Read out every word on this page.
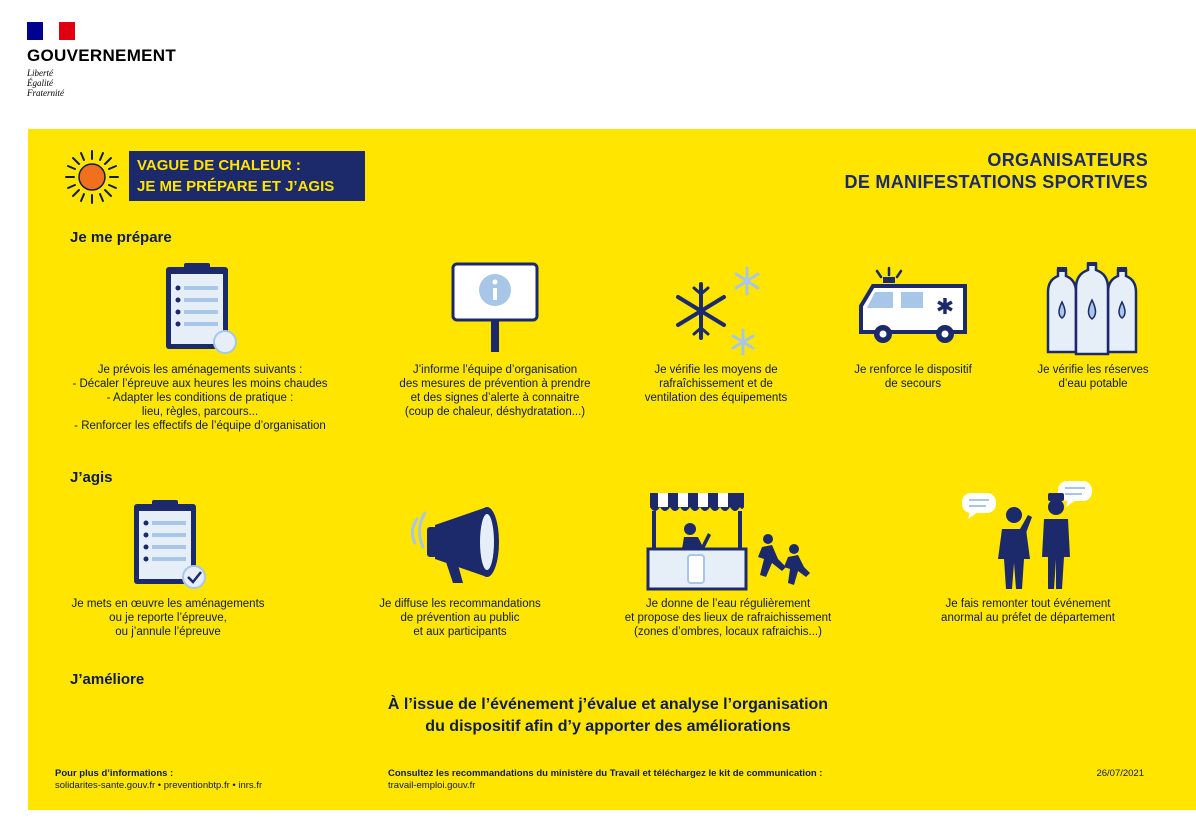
GOUVERNEMENT
Liberté
Égalité
Fraternité
VAGUE DE CHALEUR :
JE ME PRÉPARE ET J’AGIS
ORGANISATEURS
DE MANIFESTATIONS SPORTIVES
Je me prépare
Je prévois les aménagements suivants :
- Décaler l’épreuve aux heures les moins chaudes
- Adapter les conditions de pratique :
lieu, règles, parcours...
- Renforcer les effectifs de l’équipe d’organisation
J’informe l’équipe d’organisation
des mesures de prévention à prendre
et des signes d’alerte à connaitre
(coup de chaleur, déshydratation...)
Je vérifie les moyens de
rafraîchissement et de
ventilation des équipements
✱
Je renforce le dispositif
de secours
Je vérifie les réserves
d’eau potable
J’agis
Je mets en œuvre les aménagements
ou je reporte l’épreuve,
ou j’annule l’épreuve
Je diffuse les recommandations
de prévention au public
et aux participants
Je donne de l’eau régulièrement
et propose des lieux de rafraichissement
(zones d’ombres, locaux rafraichis...)
Je fais remonter tout événement
anormal au préfet de département
J’améliore
À l’issue de l’événement j’évalue et analyse l’organisation
du dispositif afin d’y apporter des améliorations
Pour plus d’informations :
solidarites-sante.gouv.fr • preventionbtp.fr • inrs.fr
Consultez les recommandations du ministère du Travail et téléchargez le kit de communication :
travail-emploi.gouv.fr
26/07/2021
